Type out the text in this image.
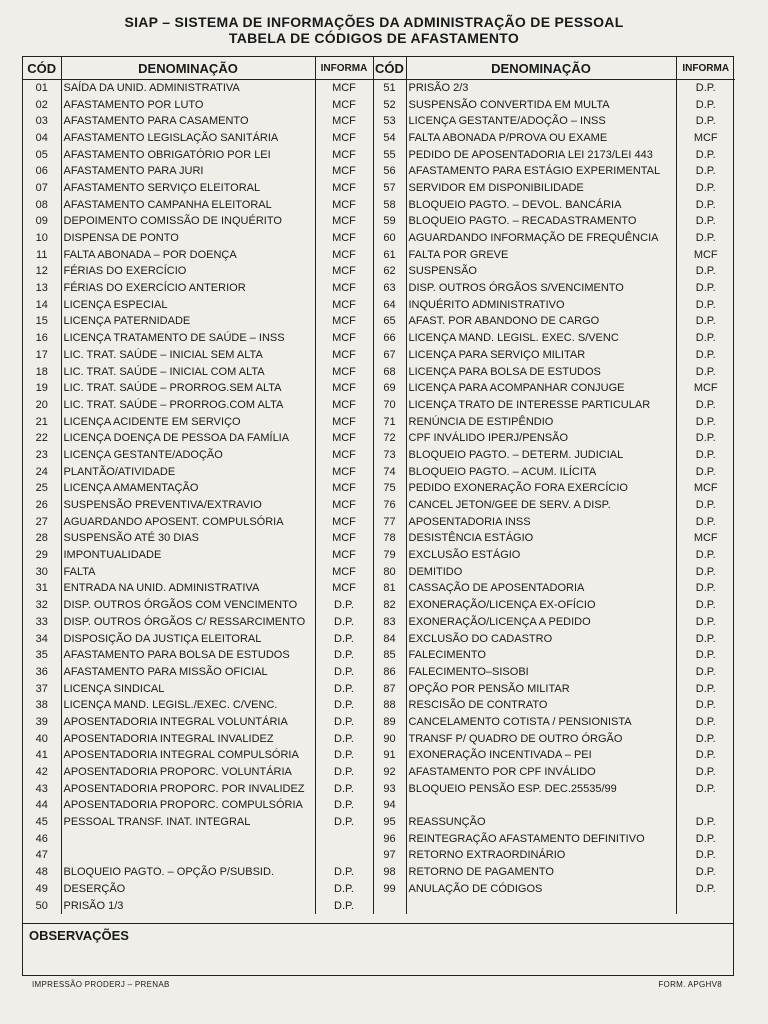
SIAP – SISTEMA DE INFORMAÇÕES DA ADMINISTRAÇÃO DE PESSOAL
TABELA DE CÓDIGOS DE AFASTAMENTO
CÓD	DENOMINAÇÃO	INFORMA	CÓD	DENOMINAÇÃO	INFORMA
01	SAÍDA DA UNID. ADMINISTRATIVA	MCF	51	PRISÃO 2/3	D.P.
02	AFASTAMENTO POR LUTO	MCF	52	SUSPENSÃO CONVERTIDA EM MULTA	D.P.
03	AFASTAMENTO PARA CASAMENTO	MCF	53	LICENÇA GESTANTE/ADOÇÃO – INSS	D.P.
04	AFASTAMENTO LEGISLAÇÃO SANITÁRIA	MCF	54	FALTA ABONADA P/PROVA OU EXAME	MCF
05	AFASTAMENTO OBRIGATÓRIO POR LEI	MCF	55	PEDIDO DE APOSENTADORIA LEI 2173/LEI 443	D.P.
06	AFASTAMENTO PARA JURI	MCF	56	AFASTAMENTO PARA ESTÁGIO EXPERIMENTAL	D.P.
07	AFASTAMENTO SERVIÇO ELEITORAL	MCF	57	SERVIDOR EM DISPONIBILIDADE	D.P.
08	AFASTAMENTO CAMPANHA ELEITORAL	MCF	58	BLOQUEIO PAGTO. – DEVOL. BANCÁRIA	D.P.
09	DEPOIMENTO COMISSÃO DE INQUÉRITO	MCF	59	BLOQUEIO PAGTO. – RECADASTRAMENTO	D.P.
10	DISPENSA DE PONTO	MCF	60	AGUARDANDO INFORMAÇÃO DE FREQUÊNCIA	D.P.
11	FALTA ABONADA – POR DOENÇA	MCF	61	FALTA POR GREVE	MCF
12	FÉRIAS DO EXERCÍCIO	MCF	62	SUSPENSÃO	D.P.
13	FÉRIAS DO EXERCÍCIO ANTERIOR	MCF	63	DISP. OUTROS ÓRGÃOS S/VENCIMENTO	D.P.
14	LICENÇA ESPECIAL	MCF	64	INQUÉRITO ADMINISTRATIVO	D.P.
15	LICENÇA PATERNIDADE	MCF	65	AFAST. POR ABANDONO DE CARGO	D.P.
16	LICENÇA TRATAMENTO DE SAÚDE – INSS	MCF	66	LICENÇA MAND. LEGISL. EXEC. S/VENC	D.P.
17	LIC. TRAT. SAÚDE – INICIAL SEM ALTA	MCF	67	LICENÇA PARA SERVIÇO MILITAR	D.P.
18	LIC. TRAT. SAÚDE – INICIAL COM ALTA	MCF	68	LICENÇA PARA BOLSA DE ESTUDOS	D.P.
19	LIC. TRAT. SAÚDE – PRORROG.SEM ALTA	MCF	69	LICENÇA PARA ACOMPANHAR CONJUGE	MCF
20	LIC. TRAT. SAÚDE – PRORROG.COM ALTA	MCF	70	LICENÇA TRATO DE INTERESSE PARTICULAR	D.P.
21	LICENÇA ACIDENTE EM SERVIÇO	MCF	71	RENÚNCIA DE ESTIPÊNDIO	D.P.
22	LICENÇA DOENÇA DE PESSOA DA FAMÍLIA	MCF	72	CPF INVÁLIDO IPERJ/PENSÃO	D.P.
23	LICENÇA GESTANTE/ADOÇÃO	MCF	73	BLOQUEIO PAGTO. – DETERM. JUDICIAL	D.P.
24	PLANTÃO/ATIVIDADE	MCF	74	BLOQUEIO PAGTO. – ACUM. ILÍCITA	D.P.
25	LICENÇA AMAMENTAÇÃO	MCF	75	PEDIDO EXONERAÇÃO FORA EXERCÍCIO	MCF
26	SUSPENSÃO PREVENTIVA/EXTRAVIO	MCF	76	CANCEL JETON/GEE DE SERV. A DISP.	D.P.
27	AGUARDANDO APOSENT. COMPULSÓRIA	MCF	77	APOSENTADORIA INSS	D.P.
28	SUSPENSÃO ATÉ 30 DIAS	MCF	78	DESISTÊNCIA ESTÁGIO	MCF
29	IMPONTUALIDADE	MCF	79	EXCLUSÃO ESTÁGIO	D.P.
30	FALTA	MCF	80	DEMITIDO	D.P.
31	ENTRADA NA UNID. ADMINISTRATIVA	MCF	81	CASSAÇÃO DE APOSENTADORIA	D.P.
32	DISP. OUTROS ÓRGÃOS COM VENCIMENTO	D.P.	82	EXONERAÇÃO/LICENÇA EX-OFÍCIO	D.P.
33	DISP. OUTROS ÓRGÃOS C/ RESSARCIMENTO	D.P.	83	EXONERAÇÃO/LICENÇA A PEDIDO	D.P.
34	DISPOSIÇÃO DA JUSTIÇA ELEITORAL	D.P.	84	EXCLUSÃO DO CADASTRO	D.P.
35	AFASTAMENTO PARA BOLSA DE ESTUDOS	D.P.	85	FALECIMENTO	D.P.
36	AFASTAMENTO PARA MISSÃO OFICIAL	D.P.	86	FALECIMENTO–SISOBI	D.P.
37	LICENÇA SINDICAL	D.P.	87	OPÇÃO POR PENSÃO MILITAR	D.P.
38	LICENÇA MAND. LEGISL./EXEC. C/VENC.	D.P.	88	RESCISÃO DE CONTRATO	D.P.
39	APOSENTADORIA INTEGRAL VOLUNTÁRIA	D.P.	89	CANCELAMENTO COTISTA / PENSIONISTA	D.P.
40	APOSENTADORIA INTEGRAL INVALIDEZ	D.P.	90	TRANSF P/ QUADRO DE OUTRO ÓRGÃO	D.P.
41	APOSENTADORIA INTEGRAL COMPULSÓRIA	D.P.	91	EXONERAÇÃO INCENTIVADA – PEI	D.P.
42	APOSENTADORIA PROPORC. VOLUNTÁRIA	D.P.	92	AFASTAMENTO POR CPF INVÁLIDO	D.P.
43	APOSENTADORIA PROPORC. POR INVALIDEZ	D.P.	93	BLOQUEIO PENSÃO ESP. DEC.25535/99	D.P.
44	APOSENTADORIA PROPORC. COMPULSÓRIA	D.P.	94		
45	PESSOAL TRANSF. INAT. INTEGRAL	D.P.	95	REASSUNÇÃO	D.P.
46			96	REINTEGRAÇÃO AFASTAMENTO DEFINITIVO	D.P.
47			97	RETORNO EXTRAORDINÁRIO	D.P.
48	BLOQUEIO PAGTO. – OPÇÃO P/SUBSID.	D.P.	98	RETORNO DE PAGAMENTO	D.P.
49	DESERÇÃO	D.P.	99	ANULAÇÃO DE CÓDIGOS	D.P.
50	PRISÃO 1/3	D.P.			
OBSERVAÇÕES
IMPRESSÃO PRODERJ – PRENAB	FORM. APGHV8
